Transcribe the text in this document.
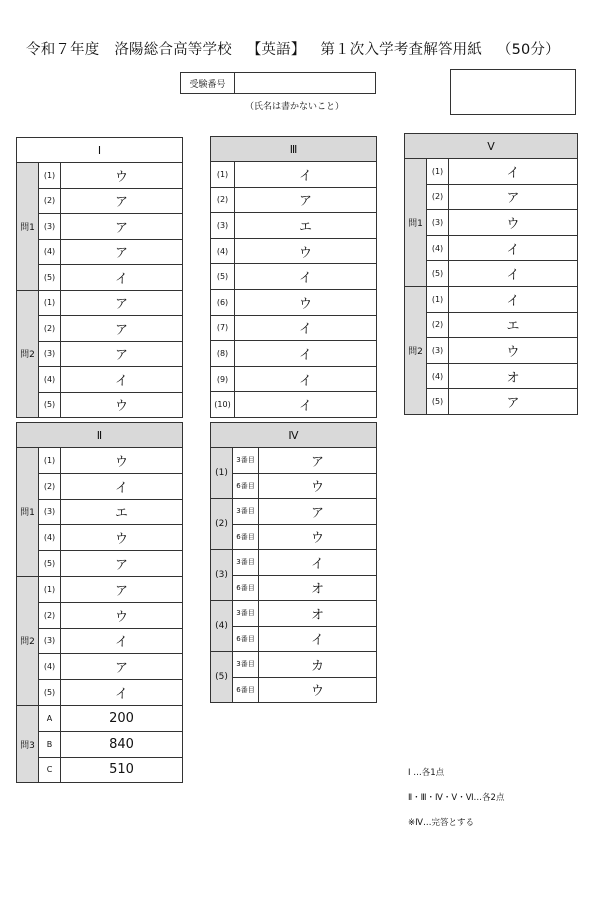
令和７年度 洛陽総合高等学校 【英語】 第１次入学考査解答用紙 （50分）
受験番号
（氏名は書かないこと）
Ⅰ		
問1	(1)	ウ
	(2)	ア
	(3)	ア
	(4)	ア
	(5)	イ
問2	(1)	ア
	(2)	ア
	(3)	ア
	(4)	イ
	(5)	ウ
Ⅱ		
問1	(1)	ウ
	(2)	イ
	(3)	エ
	(4)	ウ
	(5)	ア
問2	(1)	ア
	(2)	ウ
	(3)	イ
	(4)	ア
	(5)	イ
問3	A	200
	B	840
	C	510
Ⅲ	
(1)	イ
(2)	ア
(3)	エ
(4)	ウ
(5)	イ
(6)	ウ
(7)	イ
(8)	イ
(9)	イ
(10)	イ
Ⅳ		
(1)	3番目	ア
	6番目	ウ
(2)	3番目	ア
	6番目	ウ
(3)	3番目	イ
	6番目	オ
(4)	3番目	オ
	6番目	イ
(5)	3番目	カ
	6番目	ウ
Ⅴ		
問1	(1)	イ
	(2)	ア
	(3)	ウ
	(4)	イ
	(5)	イ
問2	(1)	イ
	(2)	エ
	(3)	ウ
	(4)	オ
	(5)	ア
Ⅰ …各1点
Ⅱ・Ⅲ・Ⅳ・Ⅴ・Ⅵ…各2点
※Ⅳ…完答とする
